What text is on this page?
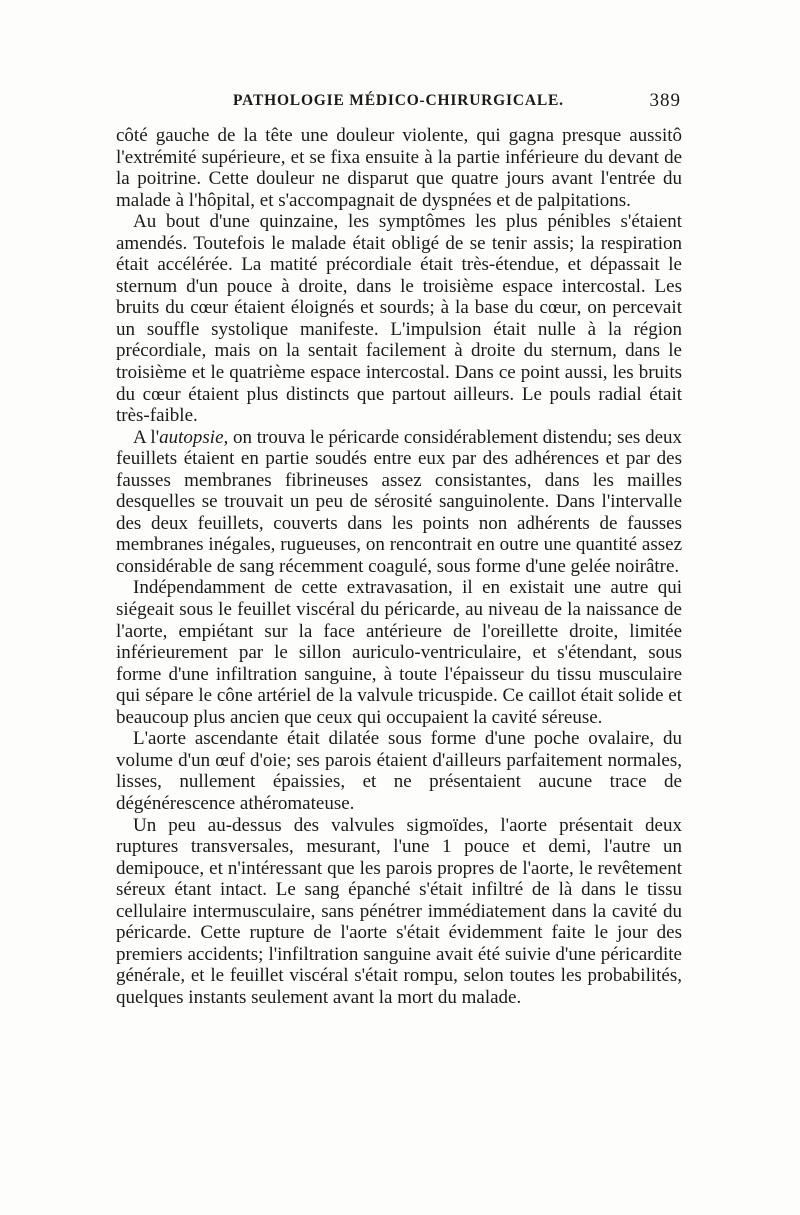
PATHOLOGIE MÉDICO-CHIRURGICALE.	389

côté gauche de la tête une douleur violente, qui gagna presque aussitô l'extrémité supérieure, et se fixa ensuite à la partie inférieure du devant de la poitrine. Cette douleur ne disparut que quatre jours avant l'entrée du malade à l'hôpital, et s'accompagnait de dyspnées et de palpitations.

Au bout d'une quinzaine, les symptômes les plus pénibles s'étaient amendés. Toutefois le malade était obligé de se tenir assis; la respiration était accélérée. La matité précordiale était très-étendue, et dépassait le sternum d'un pouce à droite, dans le troisième espace intercostal. Les bruits du cœur étaient éloignés et sourds; à la base du cœur, on percevait un souffle systolique manifeste. L'impulsion était nulle à la région précordiale, mais on la sentait facilement à droite du sternum, dans le troisième et le quatrième espace intercostal. Dans ce point aussi, les bruits du cœur étaient plus distincts que partout ailleurs. Le pouls radial était très-faible.

A l'autopsie, on trouva le péricarde considérablement distendu; ses deux feuillets étaient en partie soudés entre eux par des adhérences et par des fausses membranes fibrineuses assez consistantes, dans les mailles desquelles se trouvait un peu de sérosité sanguinolente. Dans l'intervalle des deux feuillets, couverts dans les points non adhérents de fausses membranes inégales, rugueuses, on rencontrait en outre une quantité assez considérable de sang récemment coagulé, sous forme d'une gelée noirâtre.

Indépendamment de cette extravasation, il en existait une autre qui siégeait sous le feuillet viscéral du péricarde, au niveau de la naissance de l'aorte, empiétant sur la face antérieure de l'oreillette droite, limitée inférieurement par le sillon auriculo-ventriculaire, et s'étendant, sous forme d'une infiltration sanguine, à toute l'épaisseur du tissu musculaire qui sépare le cône artériel de la valvule tricuspide. Ce caillot était solide et beaucoup plus ancien que ceux qui occupaient la cavité séreuse.

L'aorte ascendante était dilatée sous forme d'une poche ovalaire, du volume d'un œuf d'oie; ses parois étaient d'ailleurs parfaitement normales, lisses, nullement épaissies, et ne présentaient aucune trace de dégénérescence athéromateuse.

Un peu au-dessus des valvules sigmoïdes, l'aorte présentait deux ruptures transversales, mesurant, l'une 1 pouce et demi, l'autre un demipouce, et n'intéressant que les parois propres de l'aorte, le revêtement séreux étant intact. Le sang épanché s'était infiltré de là dans le tissu cellulaire intermusculaire, sans pénétrer immédiatement dans la cavité du péricarde. Cette rupture de l'aorte s'était évidemment faite le jour des premiers accidents; l'infiltration sanguine avait été suivie d'une péricardite générale, et le feuillet viscéral s'était rompu, selon toutes les probabilités, quelques instants seulement avant la mort du malade.
